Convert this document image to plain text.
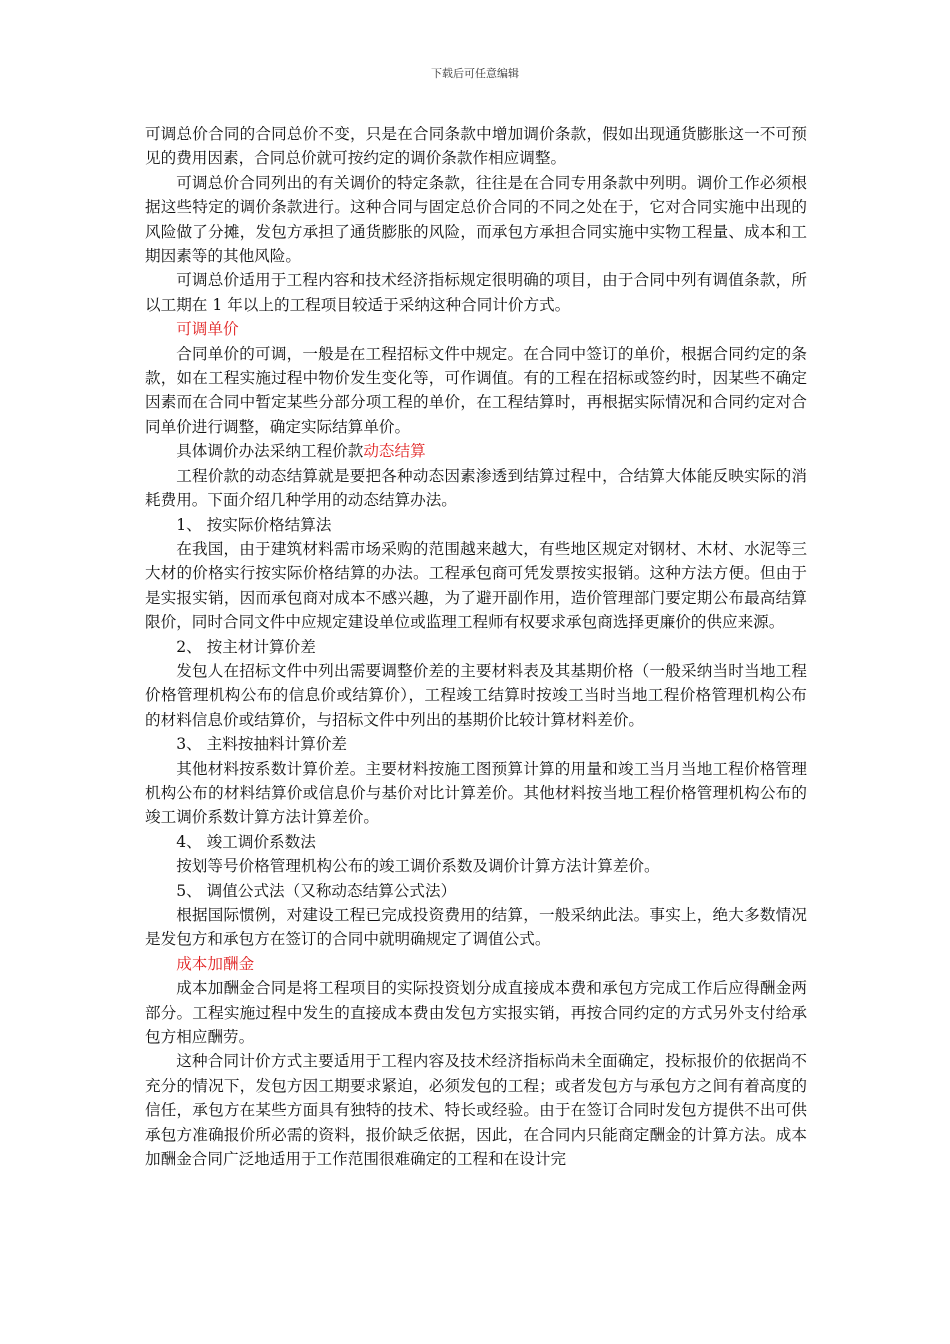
下载后可任意编辑

可调总价合同的合同总价不变，只是在合同条款中增加调价条款，假如出现通货膨胀这一不可预见的费用因素，合同总价就可按约定的调价条款作相应调整。

可调总价合同列出的有关调价的特定条款，往往是在合同专用条款中列明。调价工作必须根据这些特定的调价条款进行。这种合同与固定总价合同的不同之处在于，它对合同实施中出现的风险做了分摊，发包方承担了通货膨胀的风险，而承包方承担合同实施中实物工程量、成本和工期因素等的其他风险。

可调总价适用于工程内容和技术经济指标规定很明确的项目，由于合同中列有调值条款，所以工期在 1 年以上的工程项目较适于采纳这种合同计价方式。

可调单价

合同单价的可调，一般是在工程招标文件中规定。在合同中签订的单价，根据合同约定的条款，如在工程实施过程中物价发生变化等，可作调值。有的工程在招标或签约时，因某些不确定因素而在合同中暂定某些分部分项工程的单价，在工程结算时，再根据实际情况和合同约定对合同单价进行调整，确定实际结算单价。

具体调价办法采纳工程价款动态结算

工程价款的动态结算就是要把各种动态因素渗透到结算过程中，合结算大体能反映实际的消耗费用。下面介绍几种学用的动态结算办法。

1、 按实际价格结算法

在我国，由于建筑材料需市场采购的范围越来越大，有些地区规定对钢材、木材、水泥等三大材的价格实行按实际价格结算的办法。工程承包商可凭发票按实报销。这种方法方便。但由于是实报实销，因而承包商对成本不感兴趣，为了避开副作用，造价管理部门要定期公布最高结算限价，同时合同文件中应规定建设单位或监理工程师有权要求承包商选择更廉价的供应来源。

2、 按主材计算价差

发包人在招标文件中列出需要调整价差的主要材料表及其基期价格（一般采纳当时当地工程价格管理机构公布的信息价或结算价），工程竣工结算时按竣工当时当地工程价格管理机构公布的材料信息价或结算价，与招标文件中列出的基期价比较计算材料差价。

3、 主料按抽料计算价差

其他材料按系数计算价差。主要材料按施工图预算计算的用量和竣工当月当地工程价格管理机构公布的材料结算价或信息价与基价对比计算差价。其他材料按当地工程价格管理机构公布的竣工调价系数计算方法计算差价。

4、 竣工调价系数法

按划等号价格管理机构公布的竣工调价系数及调价计算方法计算差价。

5、 调值公式法（又称动态结算公式法）

根据国际惯例，对建设工程已完成投资费用的结算，一般采纳此法。事实上，绝大多数情况是发包方和承包方在签订的合同中就明确规定了调值公式。

成本加酬金

成本加酬金合同是将工程项目的实际投资划分成直接成本费和承包方完成工作后应得酬金两部分。工程实施过程中发生的直接成本费由发包方实报实销，再按合同约定的方式另外支付给承包方相应酬劳。

这种合同计价方式主要适用于工程内容及技术经济指标尚未全面确定，投标报价的依据尚不充分的情况下，发包方因工期要求紧迫，必须发包的工程；或者发包方与承包方之间有着高度的信任，承包方在某些方面具有独特的技术、特长或经验。由于在签订合同时发包方提供不出可供承包方准确报价所必需的资料，报价缺乏依据，因此，在合同内只能商定酬金的计算方法。成本加酬金合同广泛地适用于工作范围很难确定的工程和在设计完
